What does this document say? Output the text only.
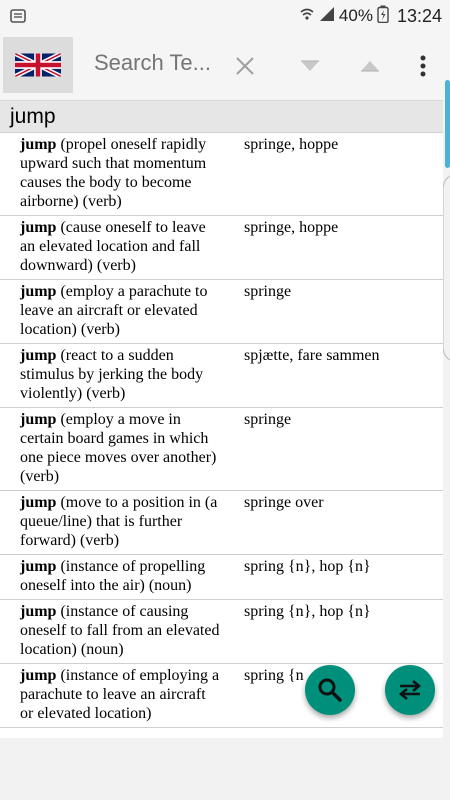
40% 13:24
Search Te...
jump
jump (propel oneself rapidly upward such that momentum causes the body to become airborne) (verb)
springe, hoppe
jump (cause oneself to leave an elevated location and fall downward) (verb)
springe, hoppe
jump (employ a parachute to leave an aircraft or elevated location) (verb)
springe
jump (react to a sudden stimulus by jerking the body violently) (verb)
spjætte, fare sammen
jump (employ a move in certain board games in which one piece moves over another) (verb)
springe
jump (move to a position in (a queue/line) that is further forward) (verb)
springe over
jump (instance of propelling oneself into the air) (noun)
spring {n}, hop {n}
jump (instance of causing oneself to fall from an elevated location) (noun)
spring {n}, hop {n}
jump (instance of employing a parachute to leave an aircraft or elevated location)
spring {n
